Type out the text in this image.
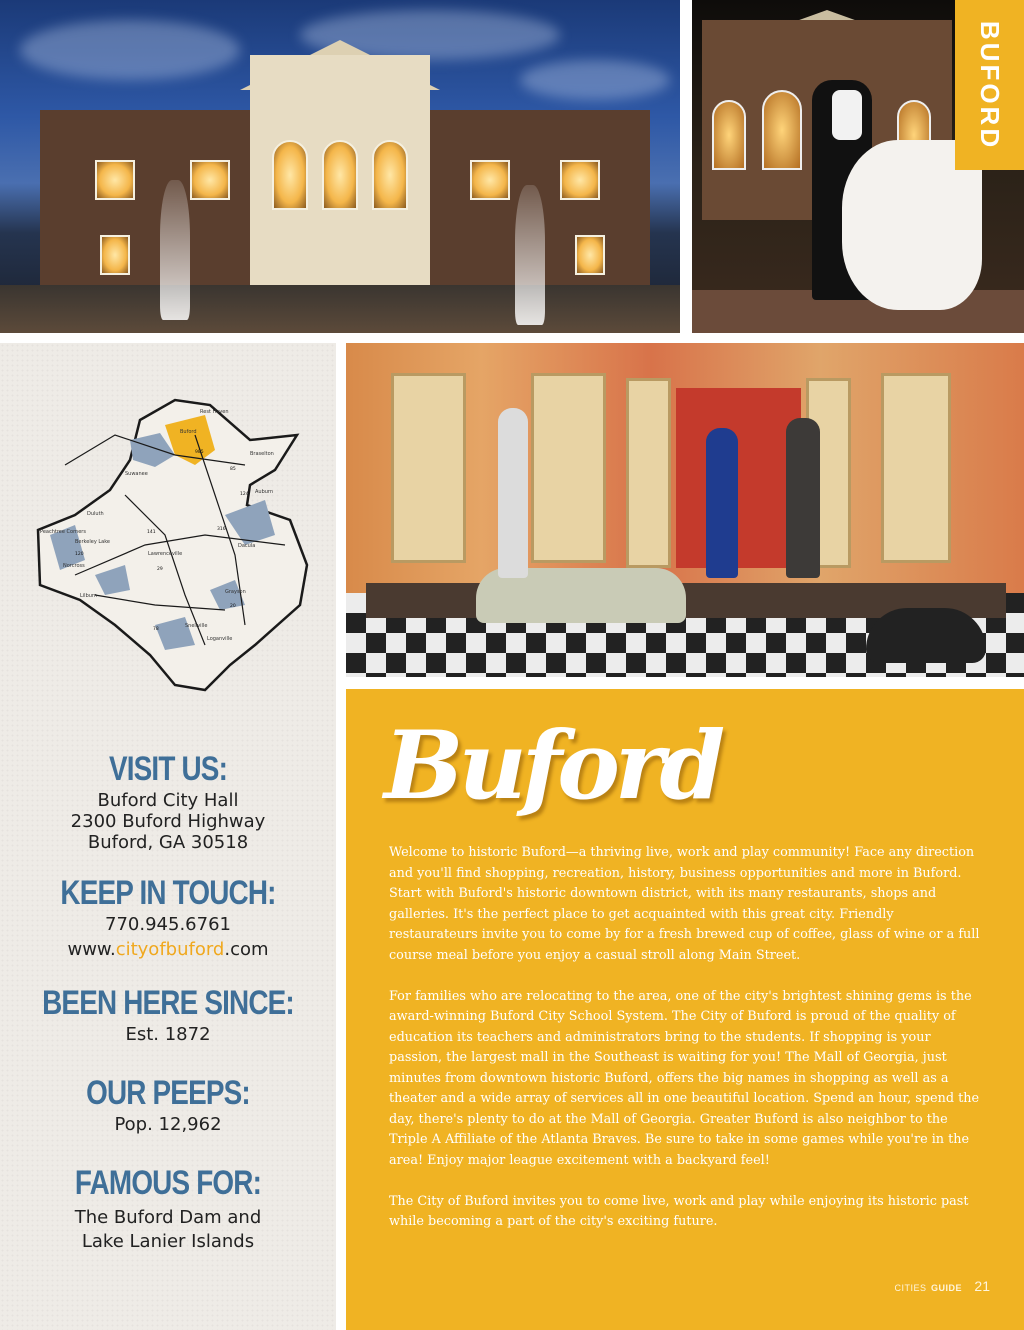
BUFORD
Rest Haven
Buford
Braselton
Suwanee
Auburn
Duluth
Peachtree Corners
Berkeley Lake
Norcross
Lawrenceville
Dacula
Lilburn
Grayson
Snellville
Loganville
985
85
124
316
29
141
20
78
120
VISIT US:
Buford City Hall
2300 Buford Highway
Buford, GA 30518
KEEP IN TOUCH:
770.945.6761
www.cityofbuford.com
BEEN HERE SINCE:
Est. 1872
OUR PEEPS:
Pop. 12,962
FAMOUS FOR:
The Buford Dam and
Lake Lanier Islands
Buford

Welcome to historic Buford—a thriving live, work and play community! Face any direction and you'll find shopping, recreation, history, business opportunities and more in Buford. Start with Buford's historic downtown district, with its many restaurants, shops and galleries. It's the perfect place to get acquainted with this great city. Friendly restaurateurs invite you to come by for a fresh brewed cup of coffee, glass of wine or a full course meal before you enjoy a casual stroll along Main Street.

For families who are relocating to the area, one of the city's brightest shining gems is the award-winning Buford City School System. The City of Buford is proud of the quality of education its teachers and administrators bring to the students. If shopping is your passion, the largest mall in the Southeast is waiting for you! The Mall of Georgia, just minutes from downtown historic Buford, offers the big names in shopping as well as a theater and a wide array of services all in one beautiful location. Spend an hour, spend the day, there's plenty to do at the Mall of Georgia. Greater Buford is also neighbor to the Triple A Affiliate of the Atlanta Braves. Be sure to take in some games while you're in the area! Enjoy major league excitement with a backyard feel!

The City of Buford invites you to come live, work and play while enjoying its historic past while becoming a part of the city's exciting future.

CITIES GUIDE 21
